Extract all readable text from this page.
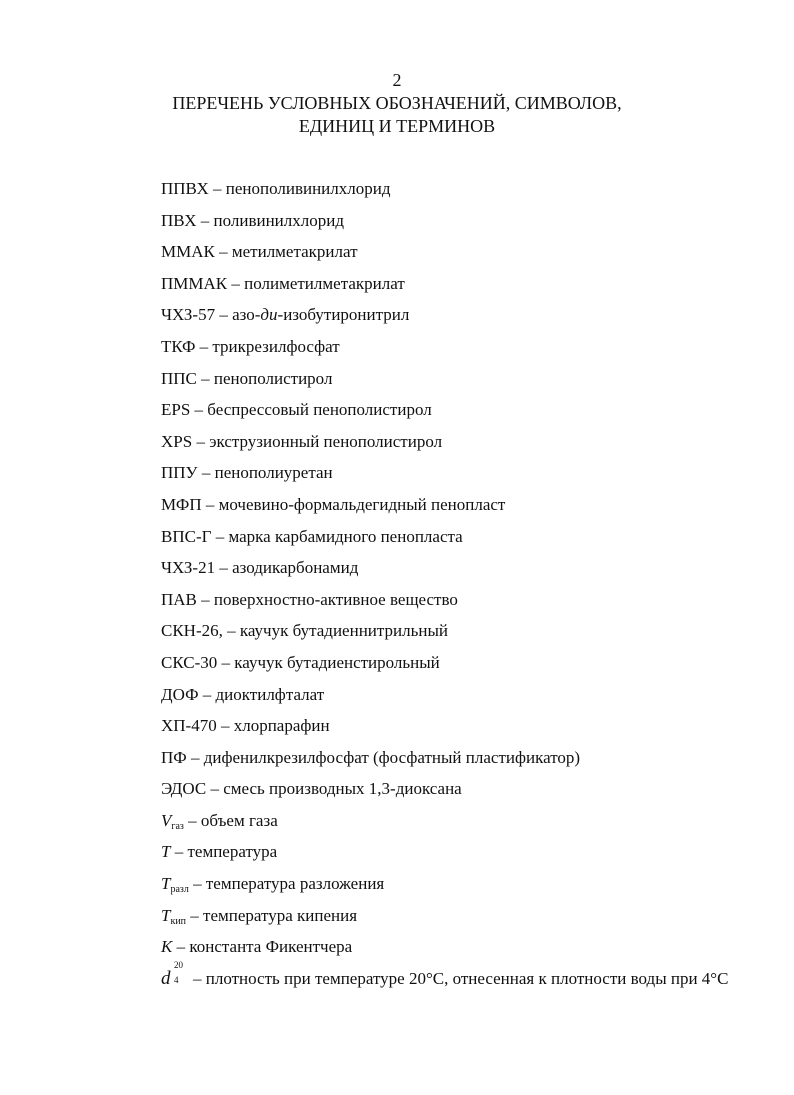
2
ПЕРЕЧЕНЬ УСЛОВНЫХ ОБОЗНАЧЕНИЙ, СИМВОЛОВ,
ЕДИНИЦ И ТЕРМИНОВ
ППВХ – пенополивинилхлорид
ПВХ – поливинилхлорид
ММАК – метилметакрилат
ПММАК – полиметилметакрилат
ЧХЗ-57 – азо-ди-изобутиронитрил
ТКФ – трикрезилфосфат
ППС – пенополистирол
EPS – беспрессовый пенополистирол
XPS – экструзионный пенополистирол
ППУ – пенополиуретан
МФП – мочевино-формальдегидный пенопласт
ВПС-Г – марка карбамидного пенопласта
ЧХЗ-21 – азодикарбонамид
ПАВ – поверхностно-активное вещество
СКН-26, – каучук бутадиеннитрильный
СКС-30 – каучук бутадиенстирольный
ДОФ – диоктилфталат
ХП-470 – хлорпарафин
ПФ – дифенилкрезилфосфат (фосфатный пластификатор)
ЭДОС – смесь производных 1,3-диоксана
$V_{газ}$ – объем газа
T – температура
$T_{разл}$ – температура разложения
$T_{кип}$ – температура кипения
K – константа Фикентчера
d
20
4 – плотность при температуре 20°С, отнесенная к плотности воды при 4°С
